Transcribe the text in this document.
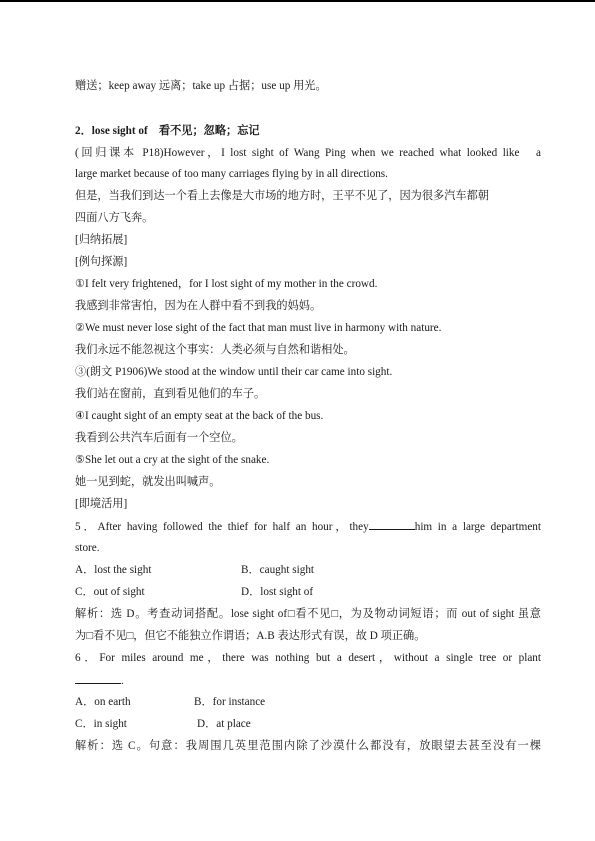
赠送；keep away 远离；take up 占据；use up 用光。
2．lose sight of　看不见；忽略；忘记
(回归课本 P18)However，I lost sight of Wang Ping when we reached what looked like　a
large market because of too many carriages flying by in all directions.
但是，当我们到达一个看上去像是大市场的地方时，王平不见了，因为很多汽车都朝
四面八方飞奔。
[归纳拓展]
[例句探源]
①I felt very frightened，for I lost sight of my mother in the crowd.
我感到非常害怕，因为在人群中看不到我的妈妈。
②We must never lose sight of the fact that man must live in harmony with nature.
我们永远不能忽视这个事实：人类必须与自然和谐相处。
③(朗文 P1906)We stood at the window until their car came into sight.
我们站在窗前，直到看见他们的车子。
④I caught sight of an empty seat at the back of the bus.
我看到公共汽车后面有一个空位。
⑤She let out a cry at the sight of the snake.
她一见到蛇，就发出叫喊声。
[即境活用]
5．After having followed the thief for half an hour，they	him in a large department
store.
A．lost the sight	B．caught sight
C．out of sight	D．lost sight of
解析：选 D。考查动词搭配。lose sight of□看不见□，为及物动词短语；而 out of sight 虽意
为□看不见□，但它不能独立作谓语；A.B 表达形式有误，故 D 项正确。
6．For miles around me，there was nothing but a desert，without a single tree or plant
.
A．on earth	B．for instance
C．in sight	D．at place
解析：选 C。句意：我周围几英里范围内除了沙漠什么都没有，放眼望去甚至没有一棵
